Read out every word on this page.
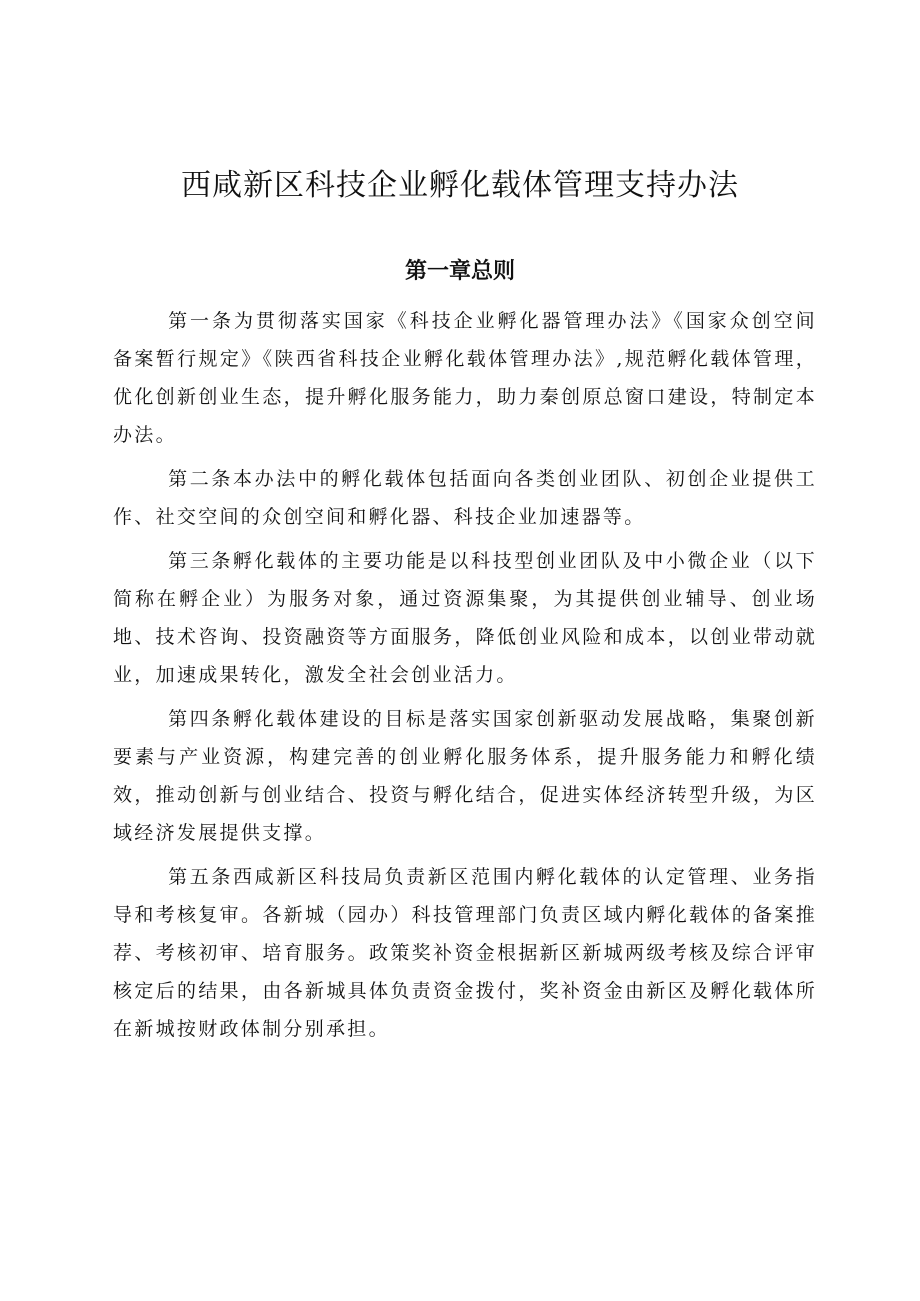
西咸新区科技企业孵化载体管理支持办法
第一章总则

第一条为贯彻落实国家《科技企业孵化器管理办法》《国家众创空间备案暂行规定》《陕西省科技企业孵化载体管理办法》,规范孵化载体管理，优化创新创业生态，提升孵化服务能力，助力秦创原总窗口建设，特制定本办法。

第二条本办法中的孵化载体包括面向各类创业团队、初创企业提供工作、社交空间的众创空间和孵化器、科技企业加速器等。

第三条孵化载体的主要功能是以科技型创业团队及中小微企业（以下简称在孵企业）为服务对象，通过资源集聚，为其提供创业辅导、创业场地、技术咨询、投资融资等方面服务，降低创业风险和成本，以创业带动就业，加速成果转化，激发全社会创业活力。

第四条孵化载体建设的目标是落实国家创新驱动发展战略，集聚创新要素与产业资源，构建完善的创业孵化服务体系，提升服务能力和孵化绩效，推动创新与创业结合、投资与孵化结合，促进实体经济转型升级，为区域经济发展提供支撑。

第五条西咸新区科技局负责新区范围内孵化载体的认定管理、业务指导和考核复审。各新城（园办）科技管理部门负责区域内孵化载体的备案推荐、考核初审、培育服务。政策奖补资金根据新区新城两级考核及综合评审核定后的结果，由各新城具体负责资金拨付，奖补资金由新区及孵化载体所在新城按财政体制分别承担。
